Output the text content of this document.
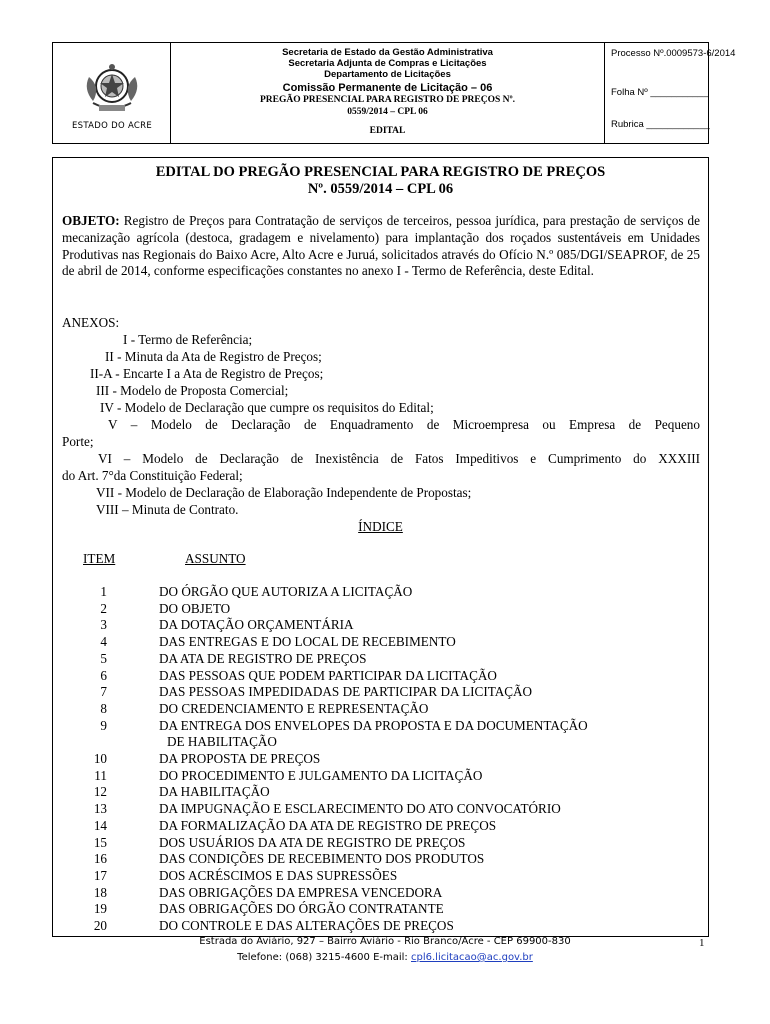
ESTADO DO ACRE
Secretaria de Estado da Gestão Administrativa
Secretaria Adjunta de Compras e Licitações
Departamento de Licitações
Comissão Permanente de Licitação – 06
PREGÃO PRESENCIAL PARA REGISTRO DE PREÇOS Nº.
0559/2014 – CPL 06
EDITAL
Processo Nº.0009573-6/2014
Folha Nº ___________
Rubrica ____________
EDITAL DO PREGÃO PRESENCIAL PARA REGISTRO DE PREÇOS
Nº. 0559/2014 – CPL 06
OBJETO: Registro de Preços para Contratação de serviços de terceiros, pessoa jurídica, para prestação de serviços de mecanização agrícola (destoca, gradagem e nivelamento) para implantação dos roçados sustentáveis em Unidades Produtivas nas Regionais do Baixo Acre, Alto Acre e Juruá, solicitados através do Ofício N.º 085/DGI/SEAPROF, de 25 de abril de 2014, conforme especificações constantes no anexo I - Termo de Referência, deste Edital.
ANEXOS:
I - Termo de Referência;
II - Minuta da Ata de Registro de Preços;
II-A - Encarte I a Ata de Registro de Preços;
III - Modelo de Proposta Comercial;
IV - Modelo de Declaração que cumpre os requisitos do Edital;
V – Modelo de Declaração de Enquadramento de Microempresa ou Empresa de Pequeno
Porte;
VI – Modelo de Declaração de Inexistência de Fatos Impeditivos e Cumprimento do XXXIII
do Art. 7°da Constituição Federal;
VII - Modelo de Declaração de Elaboração Independente de Propostas;
VIII – Minuta de Contrato.
ÍNDICE
ITEM	ASSUNTO
1	DO ÓRGÃO QUE AUTORIZA A LICITAÇÃO
2	DO OBJETO
3	DA DOTAÇÃO ORÇAMENTÁRIA
4	DAS ENTREGAS E DO LOCAL DE RECEBIMENTO
5	DA ATA DE REGISTRO DE PREÇOS
6	DAS PESSOAS QUE PODEM PARTICIPAR DA LICITAÇÃO
7	DAS PESSOAS IMPEDIDADAS DE PARTICIPAR DA LICITAÇÃO
8	DO CREDENCIAMENTO E REPRESENTAÇÃO
9	DA ENTREGA DOS ENVELOPES DA PROPOSTA E DA DOCUMENTAÇÃO
DE HABILITAÇÃO
10	DA PROPOSTA DE PREÇOS
11	DO PROCEDIMENTO E JULGAMENTO DA LICITAÇÃO
12	DA HABILITAÇÃO
13	DA IMPUGNAÇÃO E ESCLARECIMENTO DO ATO CONVOCATÓRIO
14	DA FORMALIZAÇÃO DA ATA DE REGISTRO DE PREÇOS
15	DOS USUÁRIOS DA ATA DE REGISTRO DE PREÇOS
16	DAS CONDIÇÕES DE RECEBIMENTO DOS PRODUTOS
17	DOS ACRÉSCIMOS E DAS SUPRESSÕES
18	DAS OBRIGAÇÕES DA EMPRESA VENCEDORA
19	DAS OBRIGAÇÕES DO ÓRGÃO CONTRATANTE
20	DO CONTROLE E DAS ALTERAÇÕES DE PREÇOS
Estrada do Aviário, 927 – Bairro Aviário - Rio Branco/Acre - CEP 69900-830
Telefone: (068) 3215-4600 E-mail: cpl6.licitacao@ac.gov.br
1
